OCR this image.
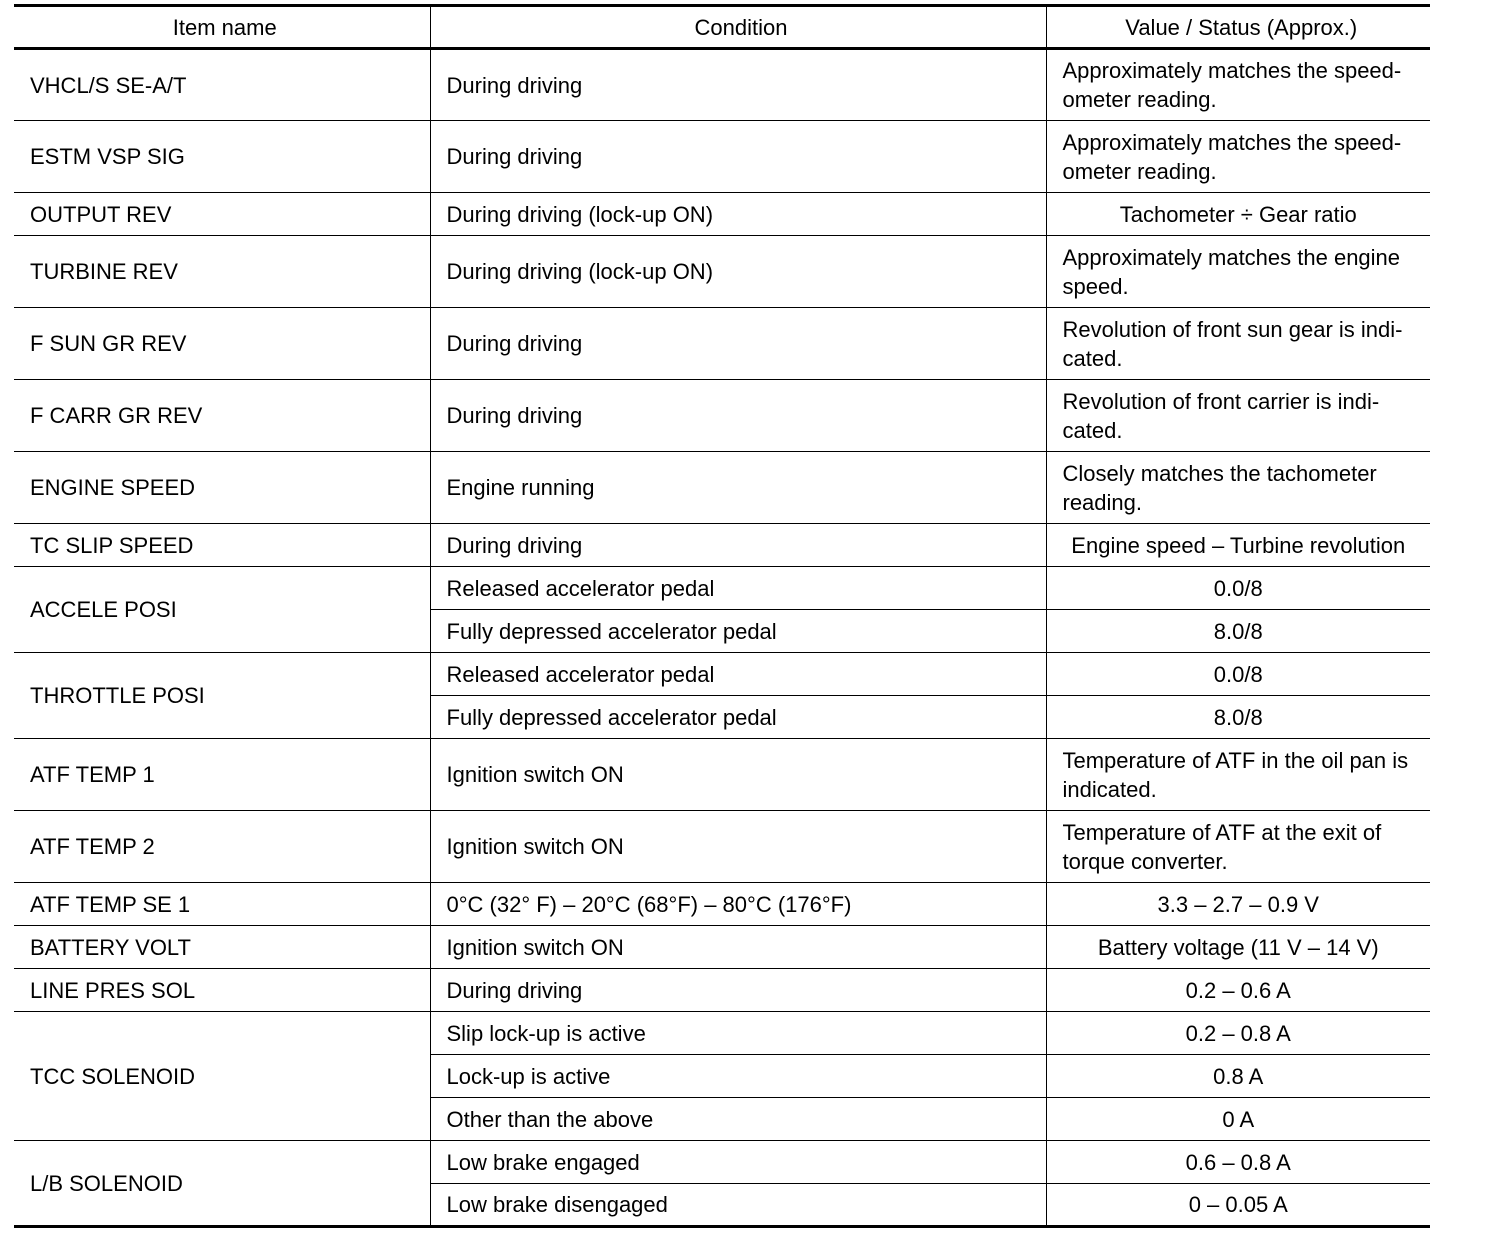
Item name	Condition	Value / Status (Approx.)
VHCL/S SE-A/T	During driving	Approximately matches the speed-ometer reading.
ESTM VSP SIG	During driving	Approximately matches the speed-ometer reading.
OUTPUT REV	During driving (lock-up ON)	Tachometer ÷ Gear ratio
TURBINE REV	During driving (lock-up ON)	Approximately matches the engine speed.
F SUN GR REV	During driving	Revolution of front sun gear is indi-cated.
F CARR GR REV	During driving	Revolution of front carrier is indi-cated.
ENGINE SPEED	Engine running	Closely matches the tachometer reading.
TC SLIP SPEED	During driving	Engine speed – Turbine revolution
ACCELE POSI	Released accelerator pedal	0.0/8
	Fully depressed accelerator pedal	8.0/8
THROTTLE POSI	Released accelerator pedal	0.0/8
	Fully depressed accelerator pedal	8.0/8
ATF TEMP 1	Ignition switch ON	Temperature of ATF in the oil pan is indicated.
ATF TEMP 2	Ignition switch ON	Temperature of ATF at the exit of torque converter.
ATF TEMP SE 1	0°C (32° F) – 20°C (68°F) – 80°C (176°F)	3.3 – 2.7 – 0.9 V
BATTERY VOLT	Ignition switch ON	Battery voltage (11 V – 14 V)
LINE PRES SOL	During driving	0.2 – 0.6 A
TCC SOLENOID	Slip lock-up is active	0.2 – 0.8 A
	Lock-up is active	0.8 A
	Other than the above	0 A
L/B SOLENOID	Low brake engaged	0.6 – 0.8 A
	Low brake disengaged	0 – 0.05 A
